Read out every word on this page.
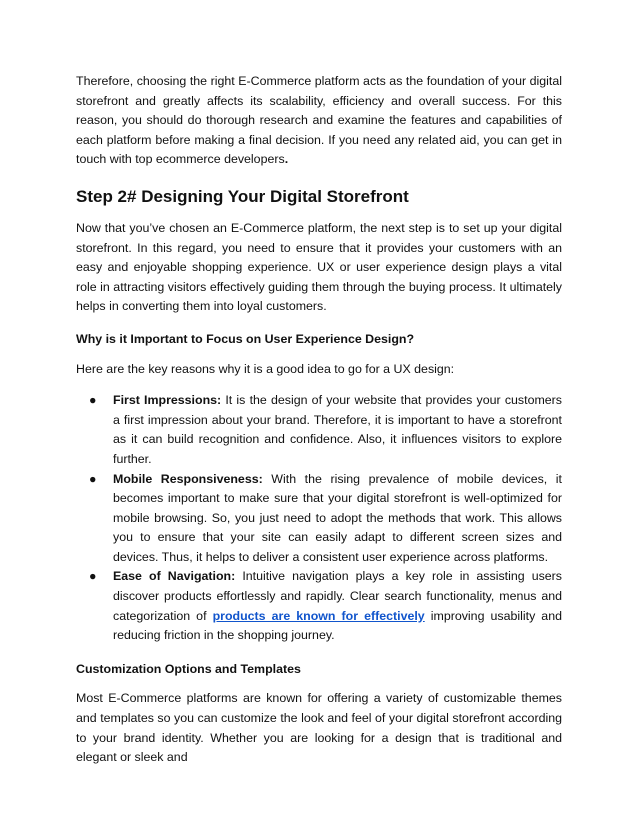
Therefore, choosing the right E-Commerce platform acts as the foundation of your digital storefront and greatly affects its scalability, efficiency and overall success. For this reason, you should do thorough research and examine the features and capabilities of each platform before making a final decision. If you need any related aid, you can get in touch with top ecommerce developers.

Step 2# Designing Your Digital Storefront

Now that you’ve chosen an E-Commerce platform, the next step is to set up your digital storefront. In this regard, you need to ensure that it provides your customers with an easy and enjoyable shopping experience. UX or user experience design plays a vital role in attracting visitors effectively guiding them through the buying process. It ultimately helps in converting them into loyal customers.

Why is it Important to Focus on User Experience Design?

Here are the key reasons why it is a good idea to go for a UX design:

● First Impressions: It is the design of your website that provides your customers a first impression about your brand. Therefore, it is important to have a storefront as it can build recognition and confidence. Also, it influences visitors to explore further.

● Mobile Responsiveness: With the rising prevalence of mobile devices, it becomes important to make sure that your digital storefront is well-optimized for mobile browsing. So, you just need to adopt the methods that work. This allows you to ensure that your site can easily adapt to different screen sizes and devices. Thus, it helps to deliver a consistent user experience across platforms.

● Ease of Navigation: Intuitive navigation plays a key role in assisting users discover products effortlessly and rapidly. Clear search functionality, menus and categorization of products are known for effectively improving usability and reducing friction in the shopping journey.

Customization Options and Templates

Most E-Commerce platforms are known for offering a variety of customizable themes and templates so you can customize the look and feel of your digital storefront according to your brand identity. Whether you are looking for a design that is traditional and elegant or sleek and
